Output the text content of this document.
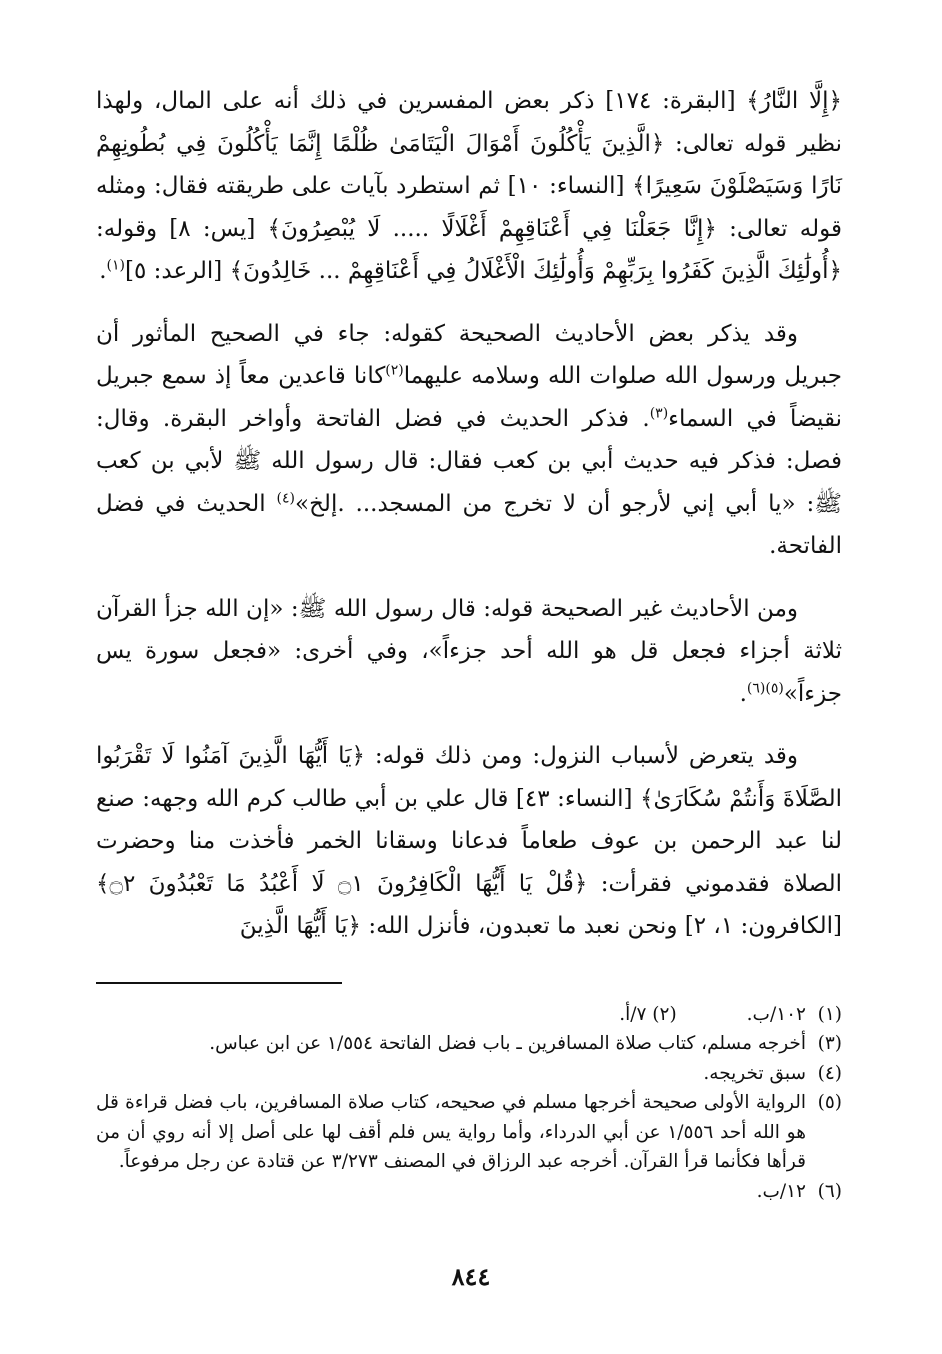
﴿إِلَّا النَّارُ﴾ [البقرة: ١٧٤] ذكر بعض المفسرين في ذلك أنه على المال، ولهذا نظير قوله تعالى: ﴿الَّذِينَ يَأْكُلُونَ أَمْوَالَ الْيَتَامَىٰ ظُلْمًا إِنَّمَا يَأْكُلُونَ فِي بُطُونِهِمْ نَارًا وَسَيَصْلَوْنَ سَعِيرًا﴾ [النساء: ١٠] ثم استطرد بآيات على طريقته فقال: ومثله قوله تعالى: ﴿إِنَّا جَعَلْنَا فِي أَعْنَاقِهِمْ أَغْلَالًا ..... لَا يُبْصِرُونَ﴾ [يس: ٨] وقوله: ﴿أُولَٰئِكَ الَّذِينَ كَفَرُوا بِرَبِّهِمْ وَأُولَٰئِكَ الْأَغْلَالُ فِي أَعْنَاقِهِمْ ... خَالِدُونَ﴾ [الرعد: ٥]$^{(١)}$.

وقد يذكر بعض الأحاديث الصحيحة كقوله: جاء في الصحيح المأثور أن جبريل ورسول الله صلوات الله وسلامه عليهما$^{(٢)}$كانا قاعدين معاً إذ سمع جبريل نقيضاً في السماء$^{(٣)}$. فذكر الحديث في فضل الفاتحة وأواخر البقرة. وقال: فصل: فذكر فيه حديث أبي بن كعب فقال: قال رسول الله ﷺ لأبي بن كعب ﷺ: «يا أبي إني لأرجو أن لا تخرج من المسجد... .إلخ»$^{(٤)}$ الحديث في فضل الفاتحة.

ومن الأحاديث غير الصحيحة قوله: قال رسول الله ﷺ: «إن الله جزأ القرآن ثلاثة أجزاء فجعل قل هو الله أحد جزءاً»، وفي أخرى: «فجعل سورة يس جزءاً»$^{(٥)(٦)}$.

وقد يتعرض لأسباب النزول: ومن ذلك قوله: ﴿يَا أَيُّهَا الَّذِينَ آمَنُوا لَا تَقْرَبُوا الصَّلَاةَ وَأَنتُمْ سُكَارَىٰ﴾ [النساء: ٤٣] قال علي بن أبي طالب كرم الله وجهه: صنع لنا عبد الرحمن بن عوف طعاماً فدعانا وسقانا الخمر فأخذت منا وحضرت الصلاة فقدموني فقرأت: ﴿قُلْ يَا أَيُّهَا الْكَافِرُونَ ۝١ لَا أَعْبُدُ مَا تَعْبُدُونَ ۝٢﴾ [الكافرون: ١، ٢] ونحن نعبد ما تعبدون، فأنزل الله: ﴿يَا أَيُّهَا الَّذِينَ

(١)
١٠٢/ب.(٢) ٧/أ.
(٣)
أخرجه مسلم، كتاب صلاة المسافرين ـ باب فضل الفاتحة ١/٥٥٤ عن ابن عباس.
(٤)
سبق تخريجه.
(٥)
الرواية الأولى صحيحة أخرجها مسلم في صحيحه، كتاب صلاة المسافرين، باب فضل قراءة قل هو الله أحد ١/٥٥٦ عن أبي الدرداء، وأما رواية يس فلم أقف لها على أصل إلا أنه روي أن من قرأها فكأنما قرأ القرآن. أخرجه عبد الرزاق في المصنف ٣/٢٧٣ عن قتادة عن رجل مرفوعاً.
(٦)
١٢/ب.
٨٤٤
